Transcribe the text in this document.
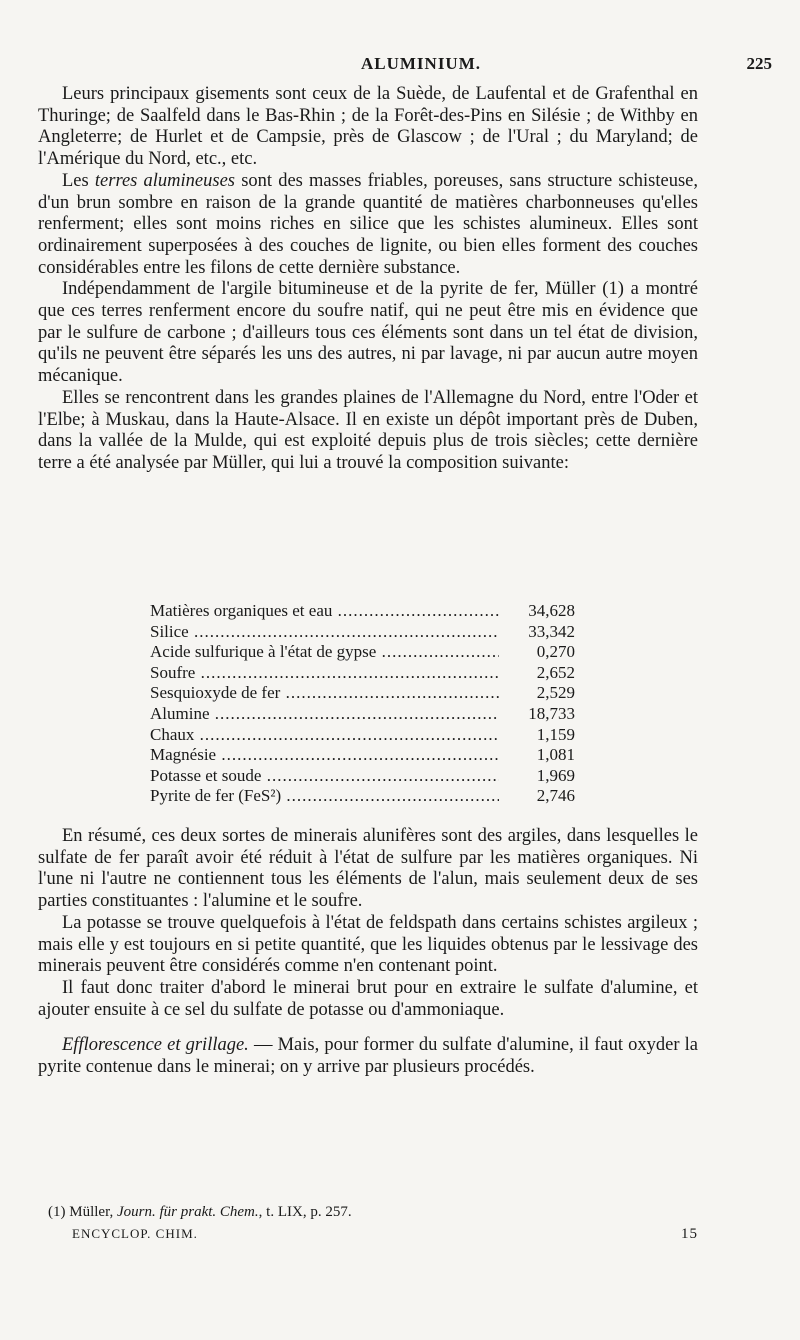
ALUMINIUM.	225

Leurs principaux gisements sont ceux de la Suède, de Laufental et de Grafenthal en Thuringe; de Saalfeld dans le Bas-Rhin ; de la Forêt-des-Pins en Silésie ; de Withby en Angleterre; de Hurlet et de Campsie, près de Glascow ; de l'Ural ; du Maryland; de l'Amérique du Nord, etc., etc.

Les terres alumineuses sont des masses friables, poreuses, sans structure schisteuse, d'un brun sombre en raison de la grande quantité de matières charbonneuses qu'elles renferment; elles sont moins riches en silice que les schistes alumineux. Elles sont ordinairement superposées à des couches de lignite, ou bien elles forment des couches considérables entre les filons de cette dernière substance.

Indépendamment de l'argile bitumineuse et de la pyrite de fer, Müller (1) a montré que ces terres renferment encore du soufre natif, qui ne peut être mis en évidence que par le sulfure de carbone ; d'ailleurs tous ces éléments sont dans un tel état de division, qu'ils ne peuvent être séparés les uns des autres, ni par lavage, ni par aucun autre moyen mécanique.

Elles se rencontrent dans les grandes plaines de l'Allemagne du Nord, entre l'Oder et l'Elbe; à Muskau, dans la Haute-Alsace. Il en existe un dépôt important près de Duben, dans la vallée de la Mulde, qui est exploité depuis plus de trois siècles; cette dernière terre a été analysée par Müller, qui lui a trouvé la composition suivante:

Matières organiques et eau .....	34,628
Silice .....	33,342
Acide sulfurique à l'état de gypse .....	0,270
Soufre .....	2,652
Sesquioxyde de fer .....	2,529
Alumine .....	18,733
Chaux .....	1,159
Magnésie .....	1,081
Potasse et soude .....	1,969
Pyrite de fer (FeS²) .....	2,746

En résumé, ces deux sortes de minerais alunifères sont des argiles, dans lesquelles le sulfate de fer paraît avoir été réduit à l'état de sulfure par les matières organiques. Ni l'une ni l'autre ne contiennent tous les éléments de l'alun, mais seulement deux de ses parties constituantes : l'alumine et le soufre.

La potasse se trouve quelquefois à l'état de feldspath dans certains schistes argileux ; mais elle y est toujours en si petite quantité, que les liquides obtenus par le lessivage des minerais peuvent être considérés comme n'en contenant point.

Il faut donc traiter d'abord le minerai brut pour en extraire le sulfate d'alumine, et ajouter ensuite à ce sel du sulfate de potasse ou d'ammoniaque.

Efflorescence et grillage. — Mais, pour former du sulfate d'alumine, il faut oxyder la pyrite contenue dans le minerai; on y arrive par plusieurs procédés.

(1) Müller, Journ. für prakt. Chem., t. LIX, p. 257.
ENCYCLOP. CHIM.	15
